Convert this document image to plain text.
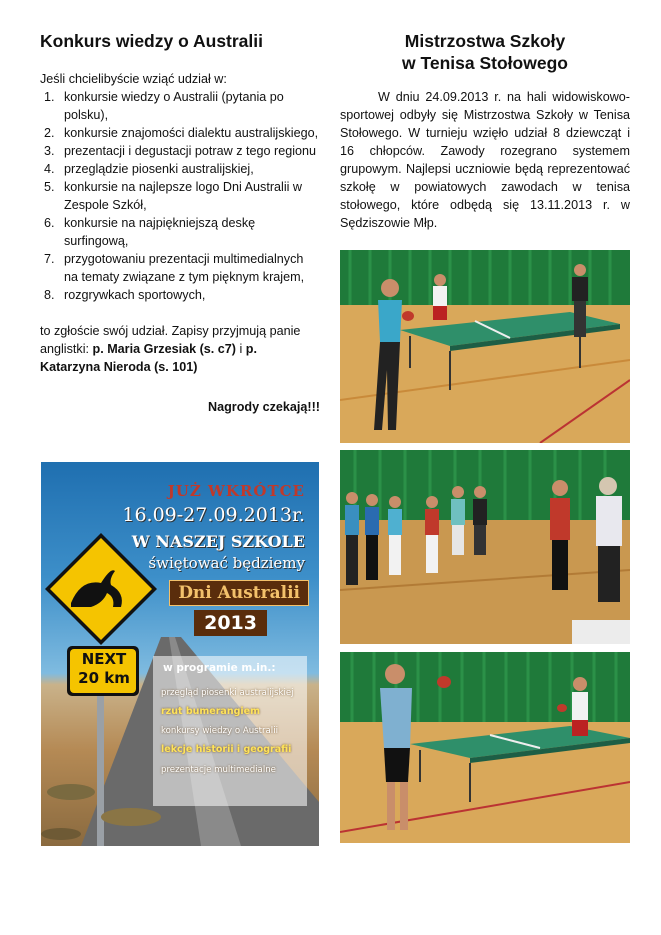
Konkurs wiedzy o Australii

Jeśli chcielibyście wziąć udział w:

1. konkursie wiedzy o Australii (pytania po polsku),
2. konkursie znajomości dialektu australijskiego,
3. prezentacji i degustacji potraw z tego regionu
4. przeglądzie piosenki australijskiej,
5. konkursie na najlepsze logo Dni Australii w Zespole Szkół,
6. konkursie na najpiękniejszą deskę surfingową,
7. przygotowaniu prezentacji multimedialnych na tematy związane z tym pięknym krajem,
8. rozgrywkach sportowych,

to zgłoście swój udział. Zapisy przyjmują panie anglistki: p. Maria Grzesiak (s. c7) i p. Katarzyna Nieroda (s. 101)

Nagrody czekają!!!

Mistrzostwa Szkoły
w Tenisa Stołowego

W dniu 24.09.2013 r. na hali widowiskowo-sportowej odbyły się Mistrzostwa Szkoły w Tenisa Stołowego. W turnieju wzięło udział 8 dziewcząt i 16 chłopców. Zawody rozegrano systemem grupowym. Najlepsi uczniowie będą reprezentować szkołę w powiatowych zawodach w tenisa stołowego, które odbędą się 13.11.2013 r. w Sędziszowie Młp.

JUŻ WKRÓTCE
16.09-27.09.2013r.
W NASZEJ SZKOLE
świętować będziemy
Dni Australii
2013
NEXT
20 km
w programie m.in.:
przegląd piosenki australijskiej
rzut bumerangiem
konkursy wiedzy o Australii
lekcje historii i geografii
prezentacje multimedialne
